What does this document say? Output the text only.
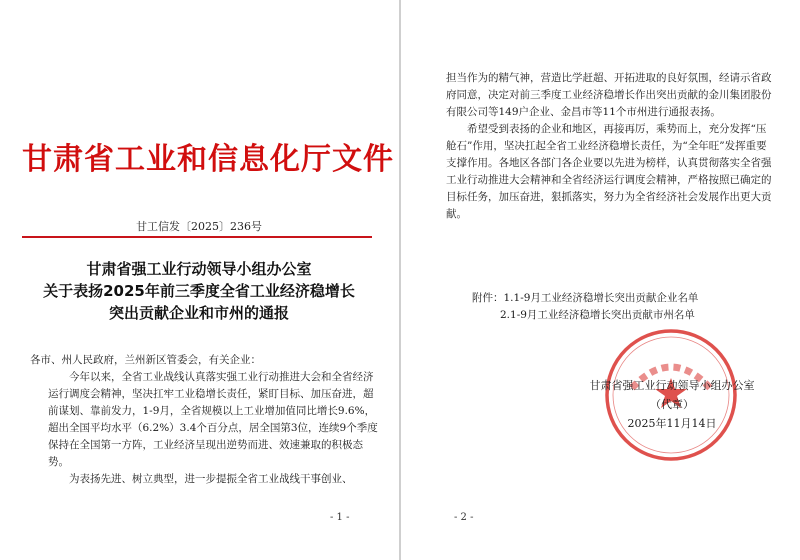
甘肃省工业和信息化厅文件
甘工信发〔2025〕236号
甘肃省强工业行动领导小组办公室
关于表扬2025年前三季度全省工业经济稳增长
突出贡献企业和市州的通报

各市、州人民政府，兰州新区管委会，有关企业：

今年以来，全省工业战线认真落实强工业行动推进大会和全省经济运行调度会精神，坚决扛牢工业稳增长责任，紧盯目标、加压奋进，超前谋划、靠前发力，1-9月，全省规模以上工业增加值同比增长9.6%，超出全国平均水平（6.2%）3.4个百分点，居全国第3位，连续9个季度保持在全国第一方阵，工业经济呈现出逆势而进、效速兼取的积极态势。

为表扬先进、树立典型，进一步提振全省工业战线干事创业、

- 1 -

担当作为的精气神，营造比学赶超、开拓进取的良好氛围，经请示省政府同意，决定对前三季度工业经济稳增长作出突出贡献的金川集团股份有限公司等149户企业、金昌市等11个市州进行通报表扬。

希望受到表扬的企业和地区，再接再厉，乘势而上，充分发挥“压舱石”作用，坚决扛起全省工业经济稳增长责任，为“全年旺”发挥重要支撑作用。各地区各部门各企业要以先进为榜样，认真贯彻落实全省强工业行动推进大会精神和全省经济运行调度会精神，严格按照已确定的目标任务，加压奋进，狠抓落实，努力为全省经济社会发展作出更大贡献。

附件：1.1-9月工业经济稳增长突出贡献企业名单
2.1-9月工业经济稳增长突出贡献市州名单
甘肃省强工业行动领导小组办公室
（代章）
2025年11月14日
- 2 -
